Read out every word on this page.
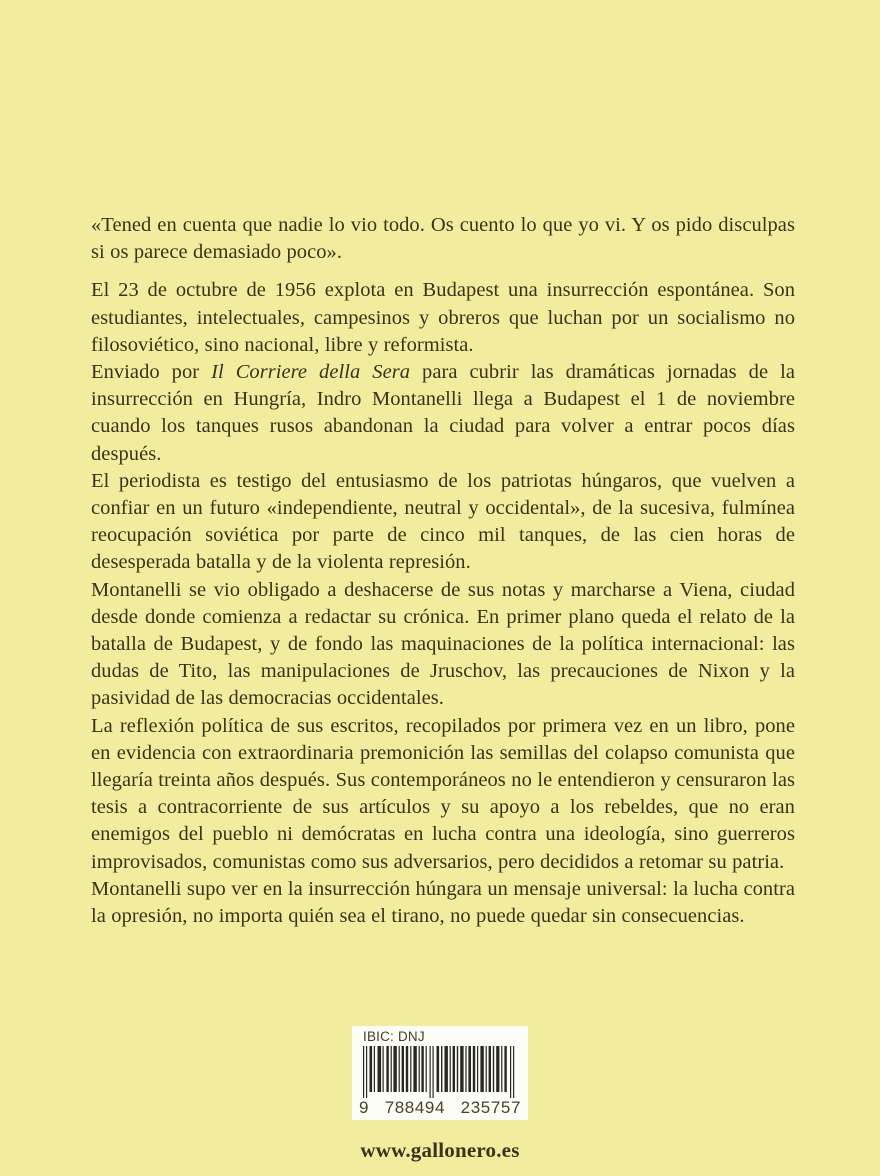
«Tened en cuenta que nadie lo vio todo. Os cuento lo que yo vi. Y os pido disculpas si os parece demasiado poco».

El 23 de octubre de 1956 explota en Budapest una insurrección espontánea. Son estudiantes, intelectuales, campesinos y obreros que luchan por un socialismo no filosoviético, sino nacional, libre y reformista.

Enviado por Il Corriere della Sera para cubrir las dramáticas jornadas de la insurrección en Hungría, Indro Montanelli llega a Budapest el 1 de noviembre cuando los tanques rusos abandonan la ciudad para volver a entrar pocos días después.

El periodista es testigo del entusiasmo de los patriotas húngaros, que vuelven a confiar en un futuro «independiente, neutral y occidental», de la sucesiva, fulmínea reocupación soviética por parte de cinco mil tanques, de las cien horas de desesperada batalla y de la violenta represión.

Montanelli se vio obligado a deshacerse de sus notas y marcharse a Viena, ciudad desde donde comienza a redactar su crónica. En primer plano queda el relato de la batalla de Budapest, y de fondo las maquinaciones de la política internacional: las dudas de Tito, las manipulaciones de Jruschov, las precauciones de Nixon y la pasividad de las democracias occidentales.

La reflexión política de sus escritos, recopilados por primera vez en un libro, pone en evidencia con extraordinaria premonición las semillas del colapso comunista que llegaría treinta años después. Sus contemporáneos no le entendieron y censuraron las tesis a contracorriente de sus artículos y su apoyo a los rebeldes, que no eran enemigos del pueblo ni demócratas en lucha contra una ideología, sino guerreros improvisados, comunistas como sus adversarios, pero decididos a retomar su patria.

Montanelli supo ver en la insurrección húngara un mensaje universal: la lucha contra la opresión, no importa quién sea el tirano, no puede quedar sin consecuencias.

IBIC: DNJ
9 788494 235757
www.gallonero.es
